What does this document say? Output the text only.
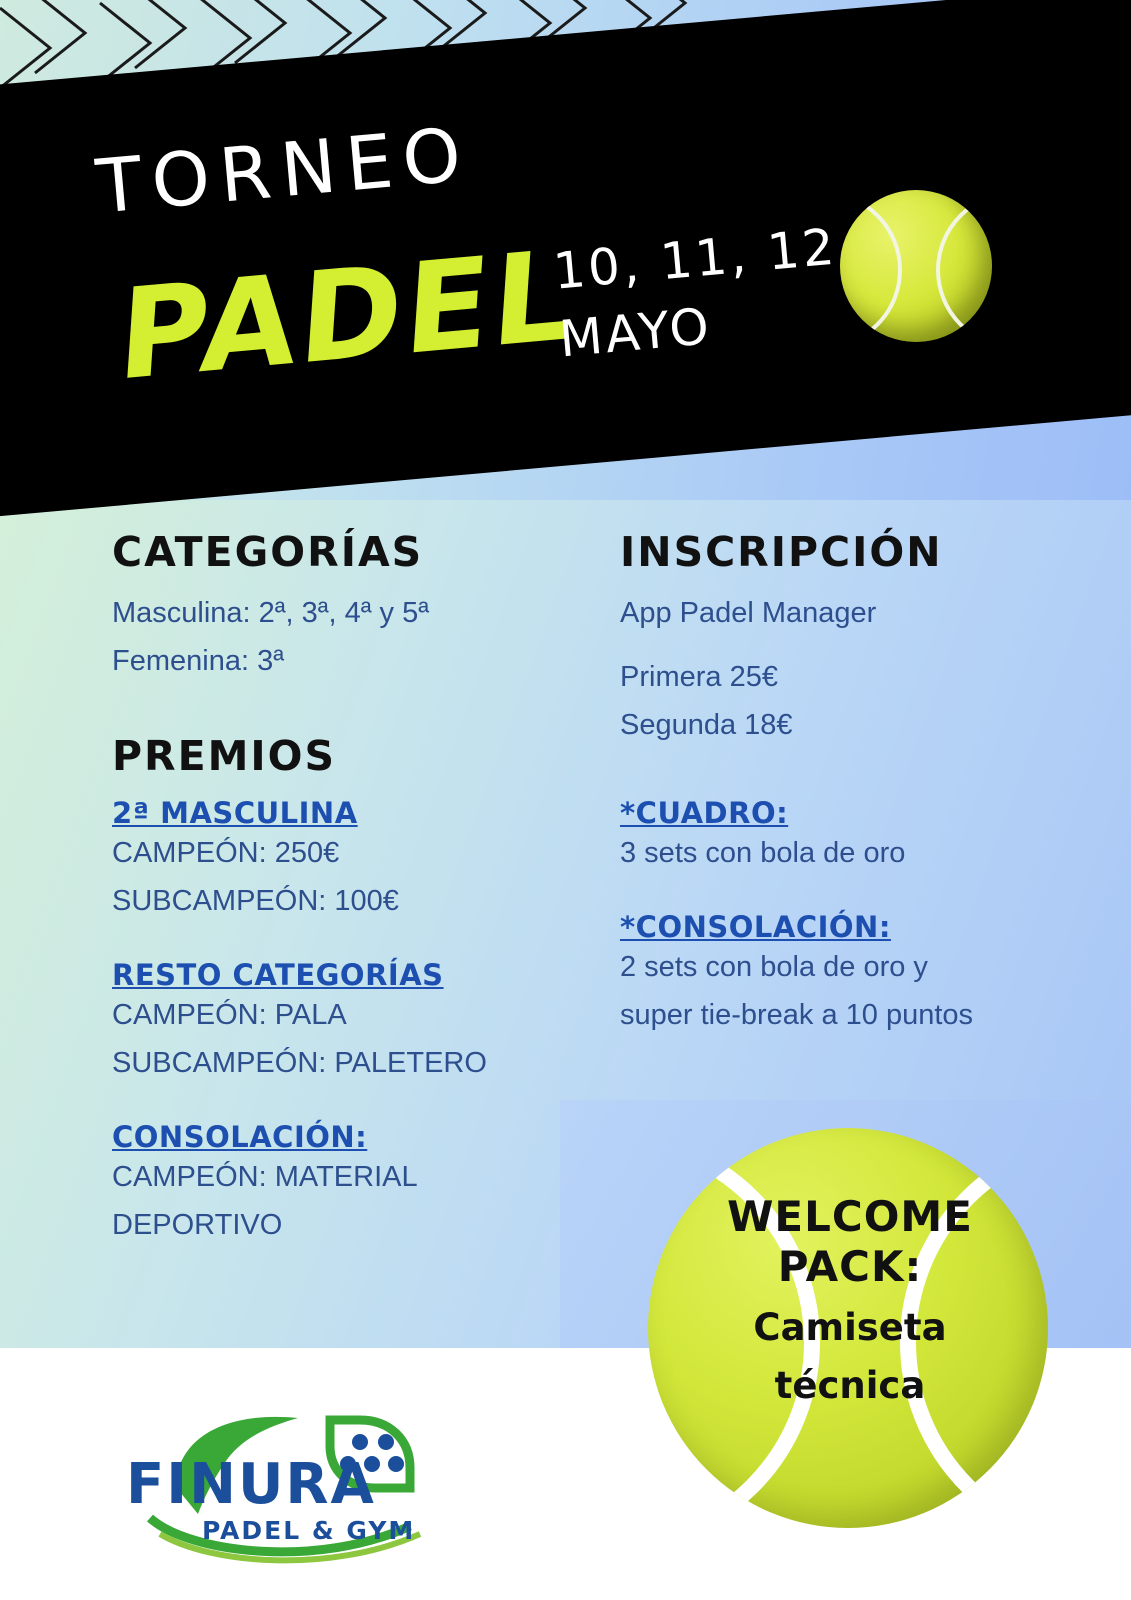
TORNEO
PADEL
10, 11, 12
MAYO
CATEGORÍAS

Masculina: 2ª, 3ª, 4ª y 5ª

Femenina: 3ª

PREMIOS

2ª MASCULINA

CAMPEÓN: 250€

SUBCAMPEÓN: 100€

RESTO CATEGORÍAS

CAMPEÓN: PALA

SUBCAMPEÓN: PALETERO

CONSOLACIÓN:

CAMPEÓN: MATERIAL

DEPORTIVO

INSCRIPCIÓN

App Padel Manager

Primera 25€

Segunda 18€

*CUADRO:

3 sets con bola de oro

*CONSOLACIÓN:

2 sets con bola de oro y

super tie-break a 10 puntos

WELCOME
PACK:
Camiseta
técnica
FINURA
PADEL & GYM
